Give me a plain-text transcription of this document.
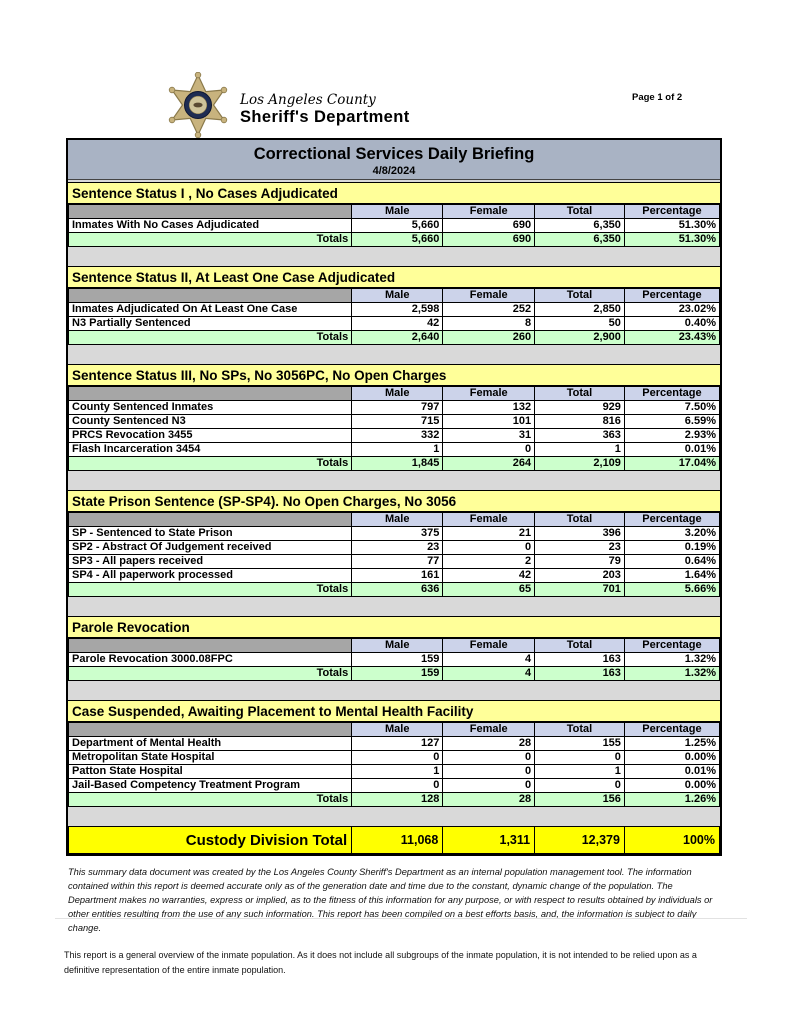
Los Angeles County
Sheriff's Department
Page 1 of 2
Correctional Services Daily Briefing
4/8/2024
Sentence Status I , No Cases Adjudicated
	Male	Female	Total	Percentage
Inmates With No Cases Adjudicated	5,660	690	6,350	51.30%
Totals	5,660	690	6,350	51.30%
Sentence Status II, At Least One Case Adjudicated
	Male	Female	Total	Percentage
Inmates Adjudicated On At Least One Case	2,598	252	2,850	23.02%
N3 Partially Sentenced	42	8	50	0.40%
Totals	2,640	260	2,900	23.43%
Sentence Status III, No SPs, No 3056PC, No Open Charges
	Male	Female	Total	Percentage
County Sentenced Inmates	797	132	929	7.50%
County Sentenced N3	715	101	816	6.59%
PRCS Revocation 3455	332	31	363	2.93%
Flash Incarceration 3454	1	0	1	0.01%
Totals	1,845	264	2,109	17.04%
State Prison Sentence (SP-SP4). No Open Charges, No 3056
	Male	Female	Total	Percentage
SP - Sentenced to State Prison	375	21	396	3.20%
SP2 - Abstract Of Judgement received	23	0	23	0.19%
SP3 - All papers received	77	2	79	0.64%
SP4 - All paperwork processed	161	42	203	1.64%
Totals	636	65	701	5.66%
Parole Revocation
	Male	Female	Total	Percentage
Parole Revocation 3000.08FPC	159	4	163	1.32%
Totals	159	4	163	1.32%
Case Suspended, Awaiting Placement to Mental Health Facility
	Male	Female	Total	Percentage
Department of Mental Health	127	28	155	1.25%
Metropolitan State Hospital	0	0	0	0.00%
Patton State Hospital	1	0	1	0.01%
Jail-Based Competency Treatment Program	0	0	0	0.00%
Totals	128	28	156	1.26%
Custody Division Total	11,068	1,311	12,379	100%
This summary data document was created by the Los Angeles County Sheriff's Department as an internal population management tool. The information contained within this report is deemed accurate only as of the generation date and time due to the constant, dynamic change of the population. The Department makes no warranties, express or implied, as to the fitness of this information for any purpose, or with respect to results obtained by individuals or other entities resulting from the use of any such information. This report has been compiled on a best efforts basis, and, the information is subject to daily change.
This report is a general overview of the inmate population. As it does not include all subgroups of the inmate population, it is not intended to be relied upon as a definitive representation of the entire inmate population.
